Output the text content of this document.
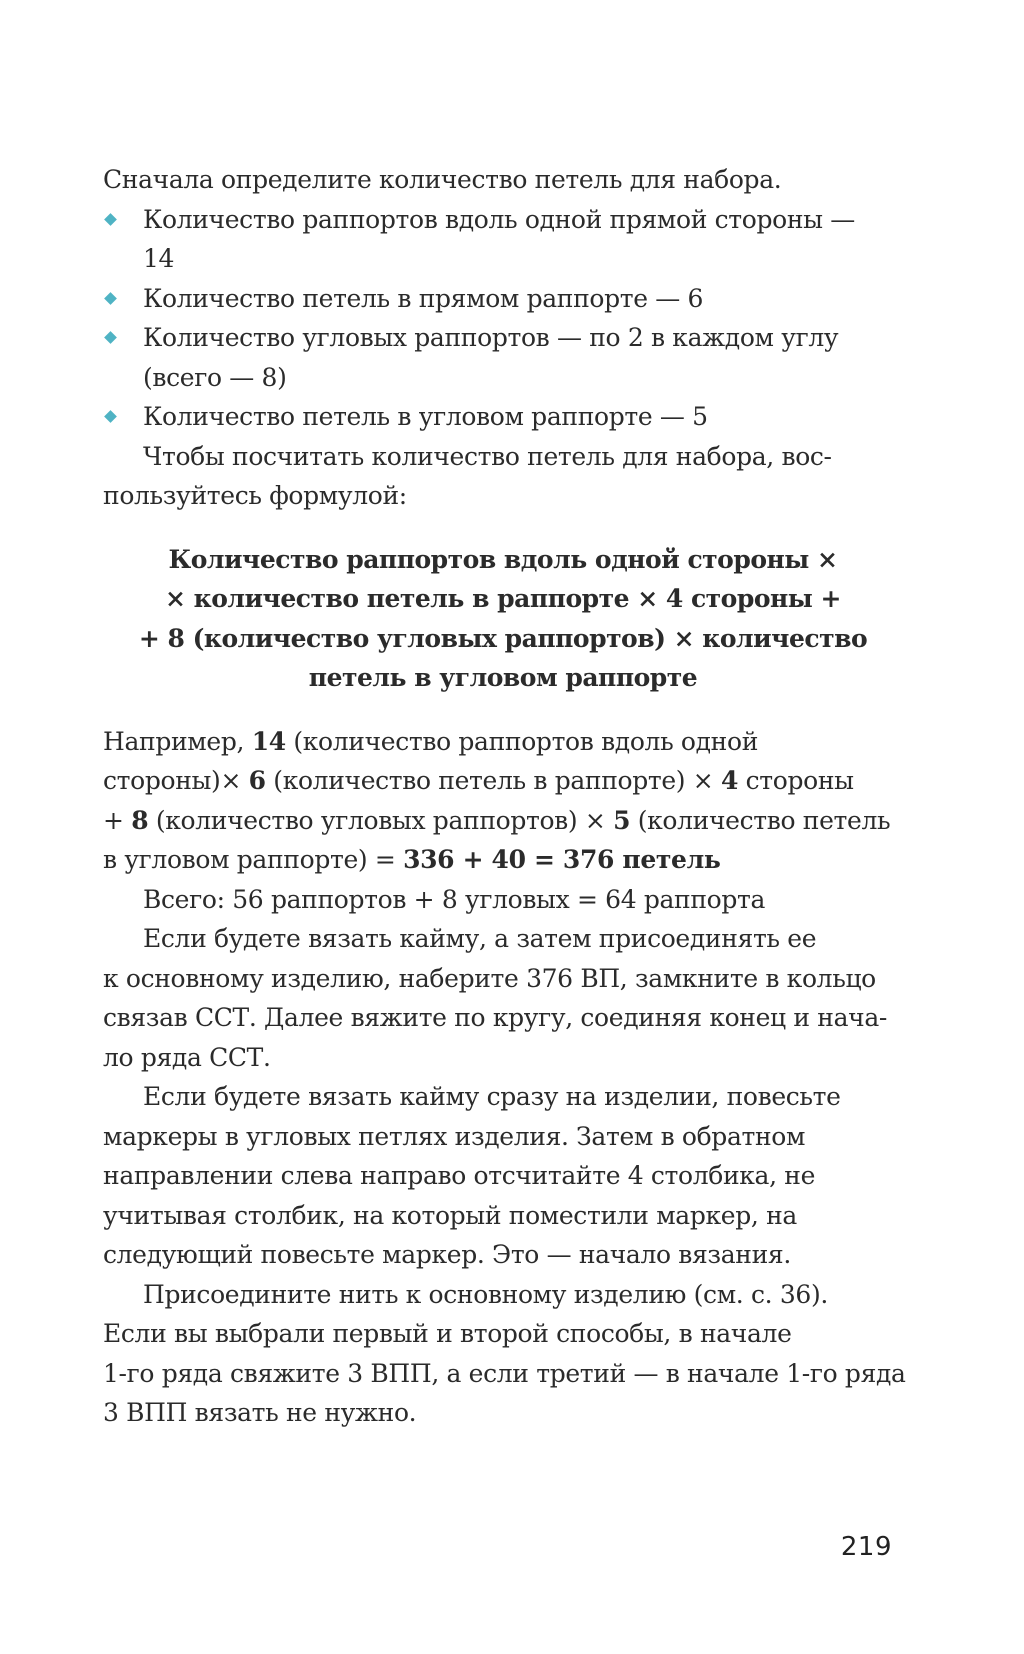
Сначала определите количество петель для набора.
Количество раппортов вдоль одной прямой стороны —
14
Количество петель в прямом раппорте — 6
Количество угловых раппортов — по 2 в каждом углу
(всего — 8)
Количество петель в угловом раппорте — 5
Чтобы посчитать количество петель для набора, вос-
пользуйтесь формулой:
Количество раппортов вдоль одной стороны ×
× количество петель в раппорте × 4 стороны +
+ 8 (количество угловых раппортов) × количество
петель в угловом раппорте
Например, 14 (количество раппортов вдоль одной
стороны)× 6 (количество петель в раппорте) × 4 стороны
+ 8 (количество угловых раппортов) × 5 (количество петель
в угловом раппорте) = 336 + 40 = 376 петель
Всего: 56 раппортов + 8 угловых = 64 раппорта
Если будете вязать кайму, а затем присоединять ее
к основному изделию, наберите 376 ВП, замкните в кольцо
связав ССТ. Далее вяжите по кругу, соединяя конец и нача-
ло ряда ССТ.
Если будете вязать кайму сразу на изделии, повесьте
маркеры в угловых петлях изделия. Затем в обратном
направлении слева направо отсчитайте 4 столбика, не
учитывая столбик, на который поместили маркер, на
следующий повесьте маркер. Это — начало вязания.
Присоедините нить к основному изделию (см. с. 36).
Если вы выбрали первый и второй способы, в начале
1-го ряда свяжите 3 ВПП, а если третий — в начале 1-го ряда
3 ВПП вязать не нужно.
219
